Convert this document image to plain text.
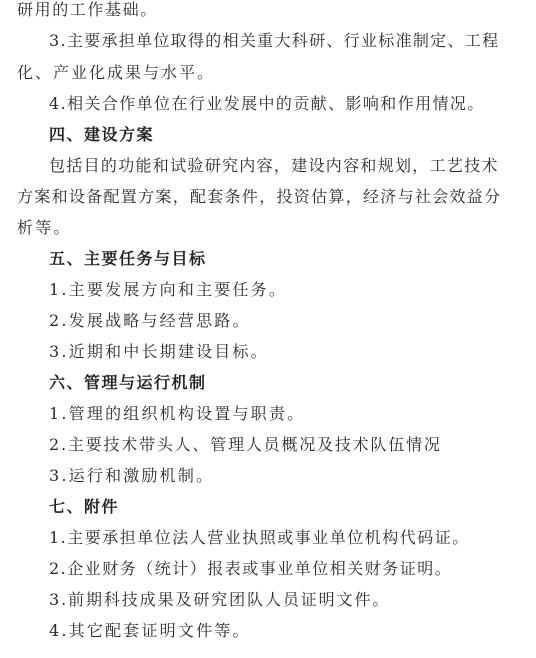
研用的工作基础。
3.主要承担单位取得的相关重大科研、行业标准制定、工程
化、产业化成果与水平。
4.相关合作单位在行业发展中的贡献、影响和作用情况。
四、建设方案
包括目的功能和试验研究内容，建设内容和规划，工艺技术
方案和设备配置方案，配套条件，投资估算，经济与社会效益分
析等。
五、主要任务与目标
1.主要发展方向和主要任务。
2.发展战略与经营思路。
3.近期和中长期建设目标。
六、管理与运行机制
1.管理的组织机构设置与职责。
2.主要技术带头人、管理人员概况及技术队伍情况
3.运行和激励机制。
七、附件
1.主要承担单位法人营业执照或事业单位机构代码证。
2.企业财务（统计）报表或事业单位相关财务证明。
3.前期科技成果及研究团队人员证明文件。
4.其它配套证明文件等。
